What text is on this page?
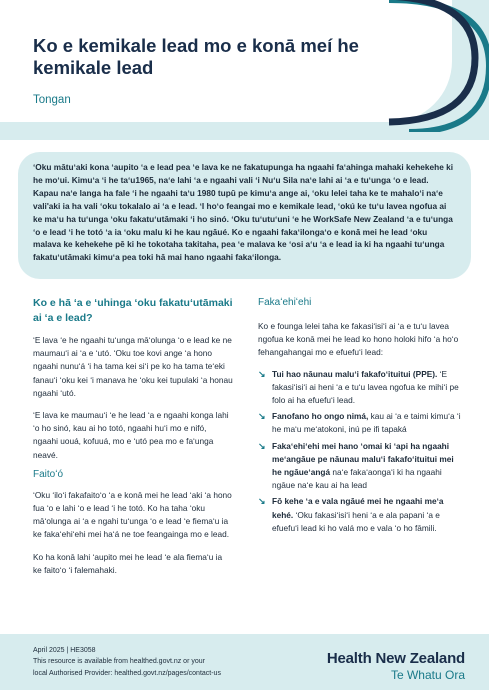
Ko e kemikale lead mo e konā meí he kemikale lead
Tongan

ʻOku mātuʻaki kona ʻaupito ʻa e lead pea ʻe lava ke ne fakatupunga ha ngaahi faʻahinga mahaki kehekehe ki he moʻui. Kimuʻa ʻi he taʻu1965, naʻe lahi ʻa e ngaahi vali ʻi Nuʻu Sila naʻe lahi ai ʻa e tuʻunga ʻo e lead. Kapau naʻe langa ha fale ʻi he ngaahi taʻu 1980 tupū pe kimuʻa ange ai, ʻoku lelei taha ke te mahaloʻi naʻe vali'aki ia ha vali ʻoku tokalalo ai ʻa e lead. ʻI hoʻo feangai mo e kemikale lead, ʻokú ke tuʻu lavea ngofua ai ke maʻu ha tuʻunga ʻoku fakatuʻutāmaki ʻi ho sinó. ʻOku tuʻutuʻuni ʻe he WorkSafe New Zealand ʻa e tuʻunga ʻo e lead ʻi he totó ʻa ia ʻoku malu ki he kau ngāué. Ko e ngaahi fakaʻilongaʻo e konā mei he lead ʻoku malava ke kehekehe pē ki he tokotaha takitaha, pea ʻe malava ke ʻosi aʻu ʻa e lead ia ki ha ngaahi tuʻunga fakatuʻutāmaki kimuʻa pea toki hā mai hano ngaahi fakaʻilonga.

Ko e hā ʻa e ʻuhinga ʻoku fakatuʻutāmaki ai ʻa e lead?

ʻE lava ʻe he ngaahi tuʻunga māʻolunga ʻo e lead ke ne maumauʻi ai ʻa e ʻutó. ʻOku toe kovi ange ʻa hono ngaahi nunuʻá ʻi ha tama kei siʻi pe ko ha tama teʻeki fanauʻi ʻoku kei ʻi manava he ʻoku kei tupulaki ʻa honau ngaahi ʻutó.

ʻE lava ke maumauʻi ʻe he lead ʻa e ngaahi konga lahi ʻo ho sinó, kau ai ho totó, ngaahi huʻi mo e nifó, ngaahi uouá, kofuuá, mo e ʻutó pea mo e faʻunga neavé.

Faitoʻó

ʻOku ʻiloʻi fakafaitoʻo ʻa e konā mei he lead ʻaki ʻa hono fua ʻo e lahi ʻo e lead ʻi he totó. Ko ha taha ʻoku māʻolunga ai ʻa e ngahi tuʻunga ʻo e lead ʻe fiemaʻu ia ke fakaʻehiʻehi mei haʻá ne toe feangainga mo e lead.

Ko ha konā lahi ʻaupito mei he lead ʻe ala fiemaʻu ia ke faitoʻo ʻi falemahaki.

Fakaʻehiʻehi

Ko e founga lelei taha ke fakasiʻisiʻi ai ʻa e tuʻu lavea ngofua ke konā mei he lead ko hono holoki hifo ʻa hoʻo fehangahangai mo e efuefuʻi lead:

↘ Tui hao nāunau maluʻi fakafoʻituitui (PPE). ʻE fakasiʻisiʻi ai heni ʻa e tuʻu lavea ngofua ke mihiʻi pe folo ai ha efuefuʻi lead.
↘ Fanofano ho ongo nimá, kau ai ʻa e taimi kimuʻa ʻi he maʻu meʻatokoni, inú pe ifi tapaká
↘ Fakaʻehiʻehi mei hano ʻomai ki ʻapi ha ngaahi meʻangāue pe nāunau maluʻi fakafoʻituitui mei he ngāueʻangá naʻe fakaʻaongaʻi ki ha ngaahi ngāue naʻe kau ai ha lead
↘ Fō kehe ʻa e vala ngāué mei he ngaahi meʻa kehé. ʻOku fakasiʻisiʻi heni ʻa e ala papani ʻa e efuefuʻi lead ki ho valá mo e vala ʻo ho fāmili.
April 2025 | HE3058
This resource is available from healthed.govt.nz or your
local Authorised Provider: healthed.govt.nz/pages/contact-us
Health New Zealand
Te Whatu Ora
